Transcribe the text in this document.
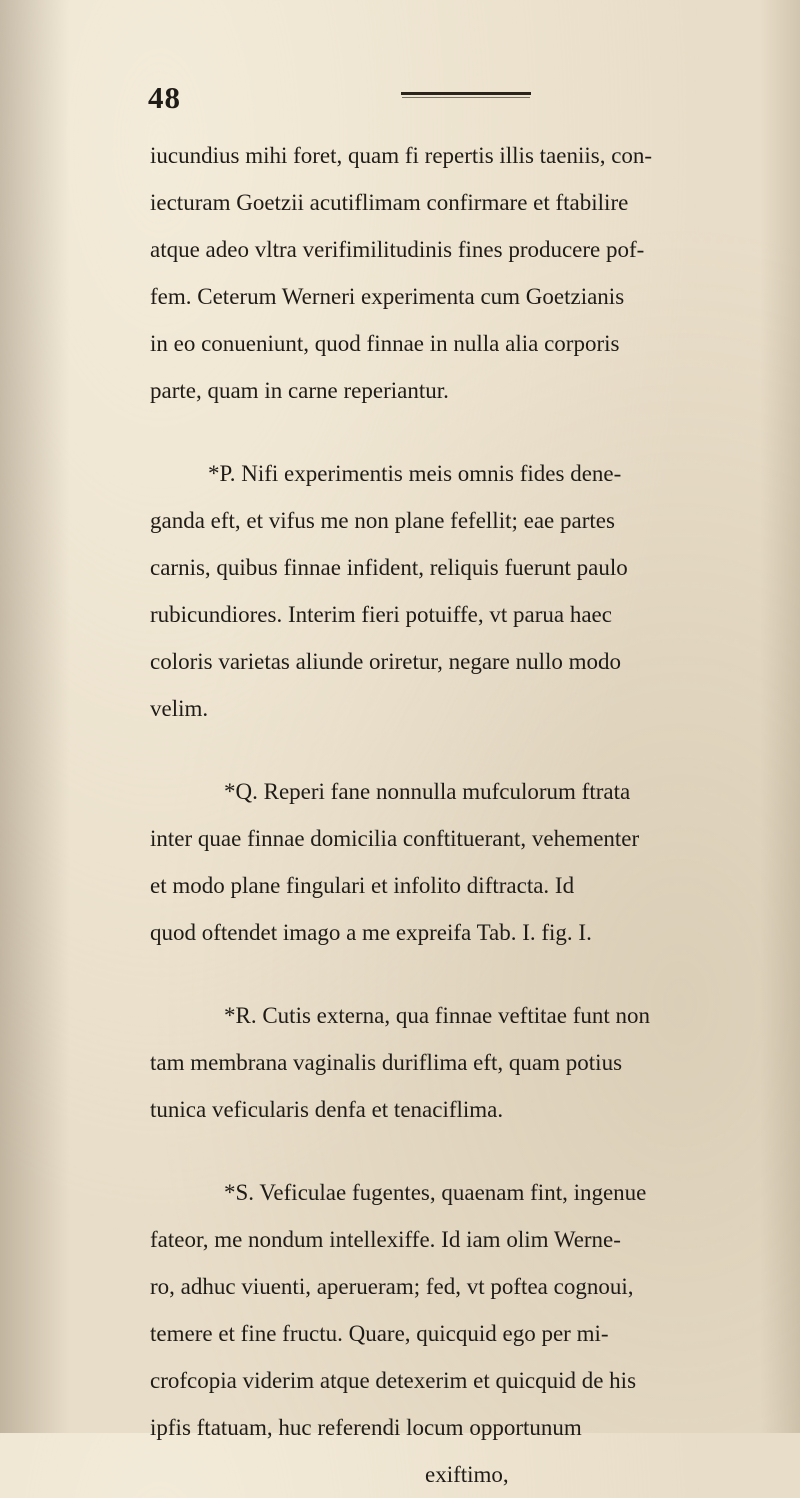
48

iucundius mihi foret, quam fi repertis illis taeniis, con-
iecturam Goetzii acutiflimam confirmare et ftabilire
atque adeo vltra verifimilitudinis fines producere pof-
fem. Ceterum Werneri experimenta cum Goetzianis
in eo conueniunt, quod finnae in nulla alia corporis
parte, quam in carne reperiantur.

*P. Nifi experimentis meis omnis fides dene-
ganda eft, et vifus me non plane fefellit; eae partes
carnis, quibus finnae infident, reliquis fuerunt paulo
rubicundiores. Interim fieri potuiffe, vt parua haec
coloris varietas aliunde oriretur, negare nullo modo
velim.

*Q. Reperi fane nonnulla mufculorum ftrata
inter quae finnae domicilia conftituerant, vehementer
et modo plane fingulari et infolito diftracta. Id
quod oftendet imago a me expreifa Tab. I. fig. I.

*R. Cutis externa, qua finnae veftitae funt non
tam membrana vaginalis duriflima eft, quam potius
tunica veficularis denfa et tenaciflima.

*S. Veficulae fugentes, quaenam fint, ingenue
fateor, me nondum intellexiffe. Id iam olim Werne-
ro, adhuc viuenti, aperueram; fed, vt poftea cognoui,
temere et fine fructu. Quare, quicquid ego per mi-
crofcopia viderim atque detexerim et quicquid de his
ipfis ftatuam, huc referendi locum opportunum
exiftimo,
